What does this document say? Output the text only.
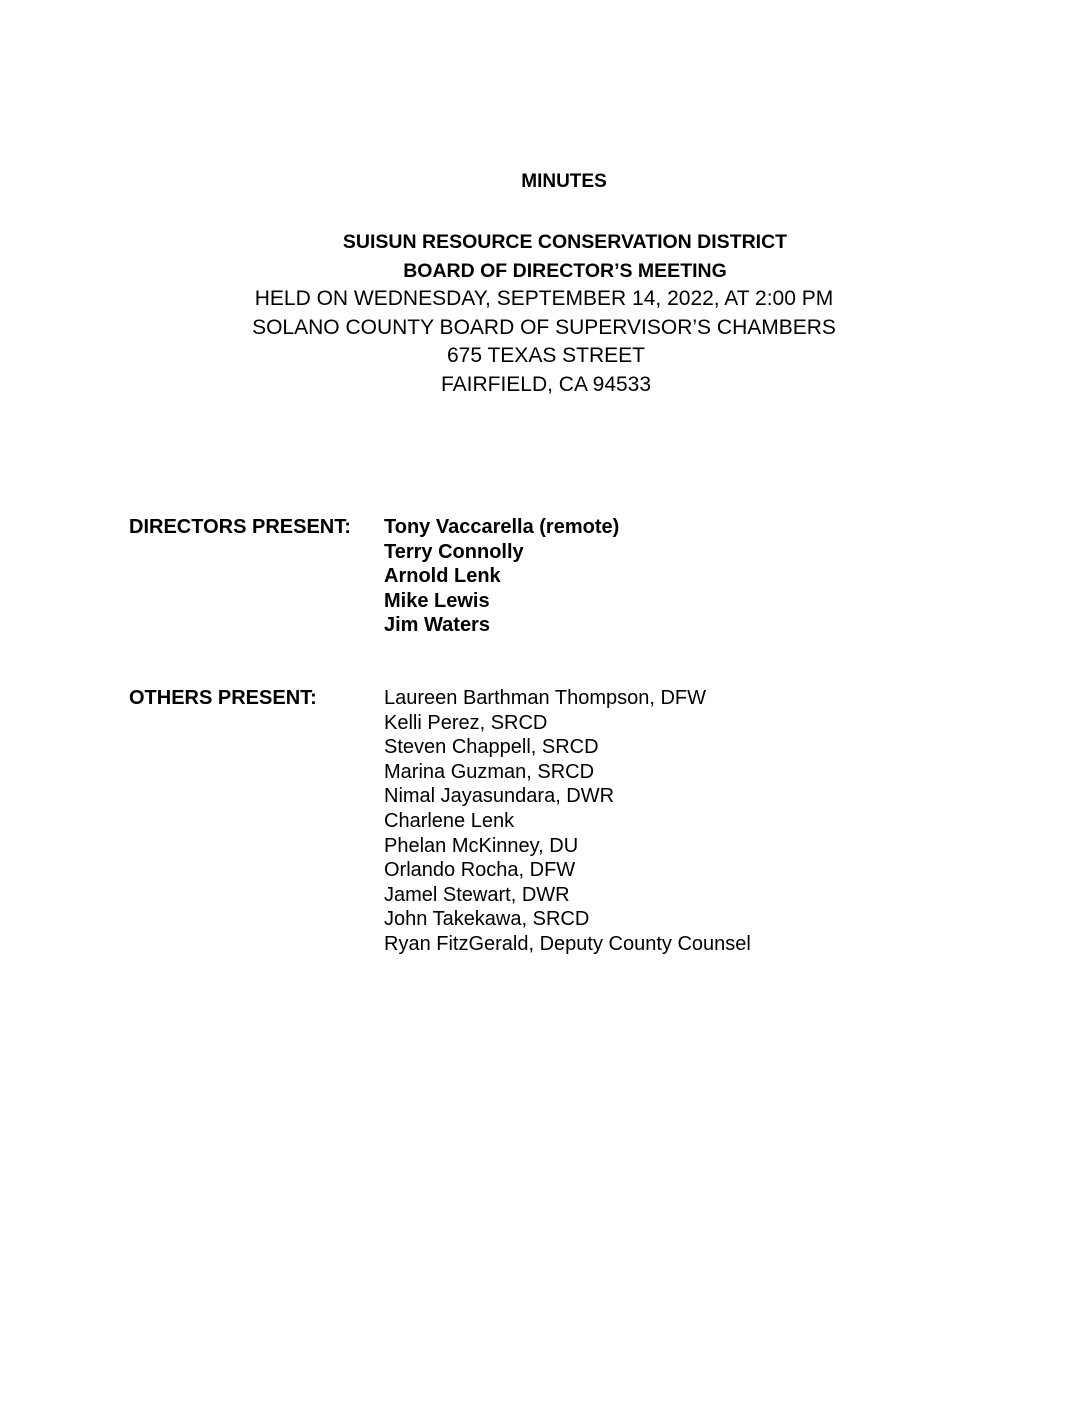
MINUTES
SUISUN RESOURCE CONSERVATION DISTRICT
BOARD OF DIRECTOR’S MEETING
HELD ON WEDNESDAY, SEPTEMBER 14, 2022, AT 2:00 PM
SOLANO COUNTY BOARD OF SUPERVISOR’S CHAMBERS
675 TEXAS STREET
FAIRFIELD, CA 94533
DIRECTORS PRESENT: Tony Vaccarella (remote)
Terry Connolly
Arnold Lenk
Mike Lewis
Jim Waters
OTHERS PRESENT:	Laureen Barthman Thompson, DFW
Kelli Perez, SRCD
Steven Chappell, SRCD
Marina Guzman, SRCD
Nimal Jayasundara, DWR
Charlene Lenk
Phelan McKinney, DU
Orlando Rocha, DFW
Jamel Stewart, DWR
John Takekawa, SRCD
Ryan FitzGerald, Deputy County Counsel
